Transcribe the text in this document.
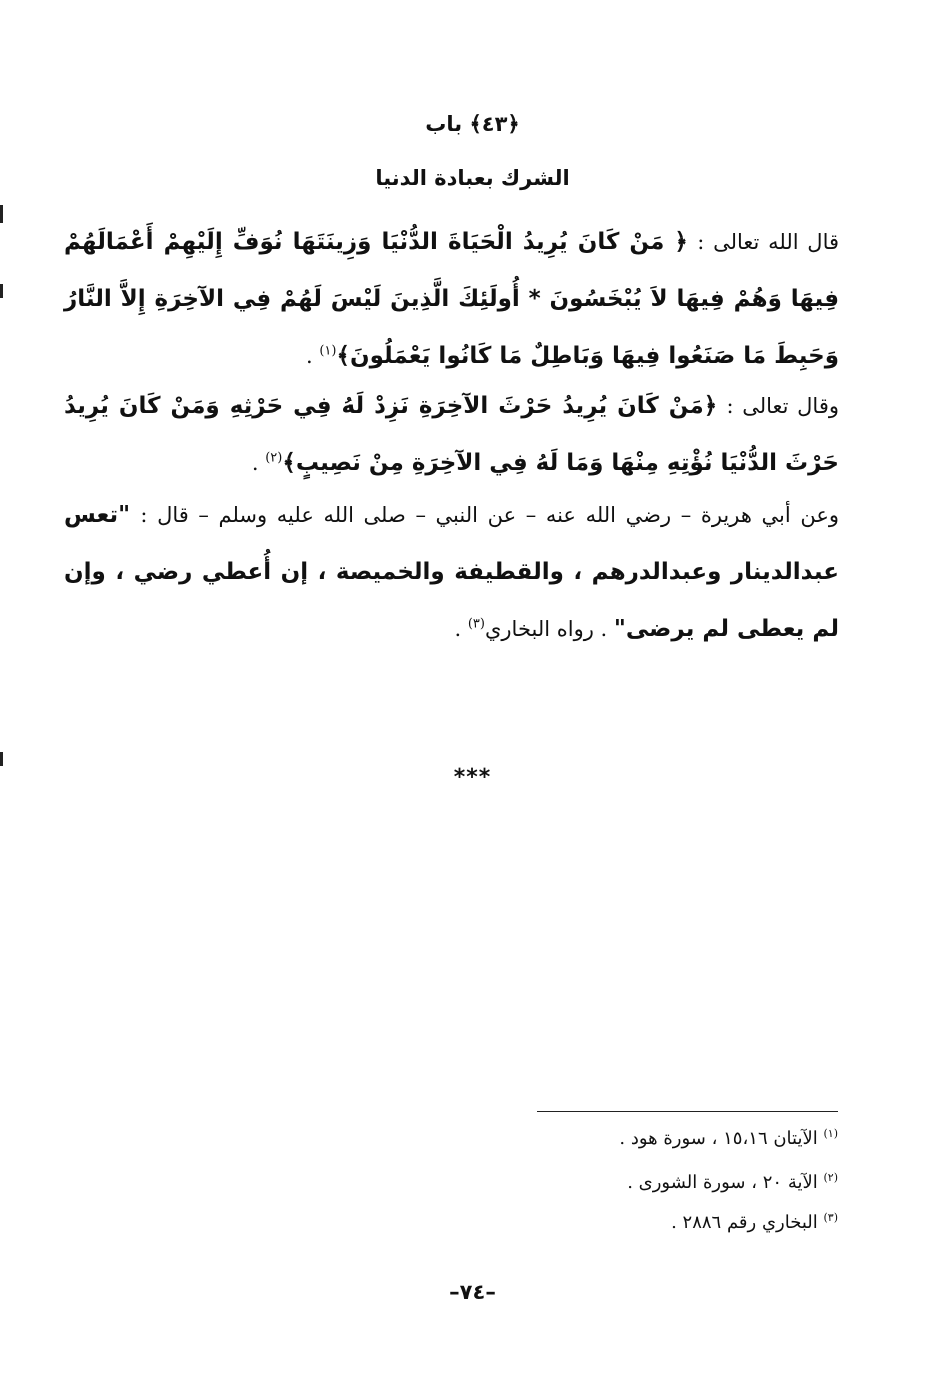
﴿٤٣﴾ باب
الشرك بعبادة الدنيا
قال الله تعالى : ﴿ مَنْ كَانَ يُرِيدُ الْحَيَاةَ الدُّنْيَا وَزِينَتَهَا نُوَفِّ إِلَيْهِمْ أَعْمَالَهُمْ فِيهَا وَهُمْ فِيهَا لاَ يُبْخَسُونَ * أُولَئِكَ الَّذِينَ لَيْسَ لَهُمْ فِي الآخِرَةِ إِلاَّ النَّارُ وَحَبِطَ مَا صَنَعُوا فِيهَا وَبَاطِلٌ مَا كَانُوا يَعْمَلُونَ﴾$^{(١)}$ .
وقال تعالى : ﴿مَنْ كَانَ يُرِيدُ حَرْثَ الآخِرَةِ نَزِدْ لَهُ فِي حَرْثِهِ وَمَنْ كَانَ يُرِيدُ حَرْثَ الدُّنْيَا نُؤْتِهِ مِنْهَا وَمَا لَهُ فِي الآخِرَةِ مِنْ نَصِيبٍ﴾$^{(٢)}$ .
وعن أبي هريرة – رضي الله عنه – عن النبي – صلى الله عليه وسلم – قال : "تعس عبدالدينار وعبدالدرهم ، والقطيفة والخميصة ، إن أُعطي رضي ، وإن لم يعطى لم يرضى" . رواه البخاري$^{(٣)}$ .
***
$^{(١)}$ الآيتان ١٥،١٦ ، سورة هود .
$^{(٢)}$ الآية ٢٠ ، سورة الشورى .
$^{(٣)}$ البخاري رقم ٢٨٨٦ .
–٧٤–
